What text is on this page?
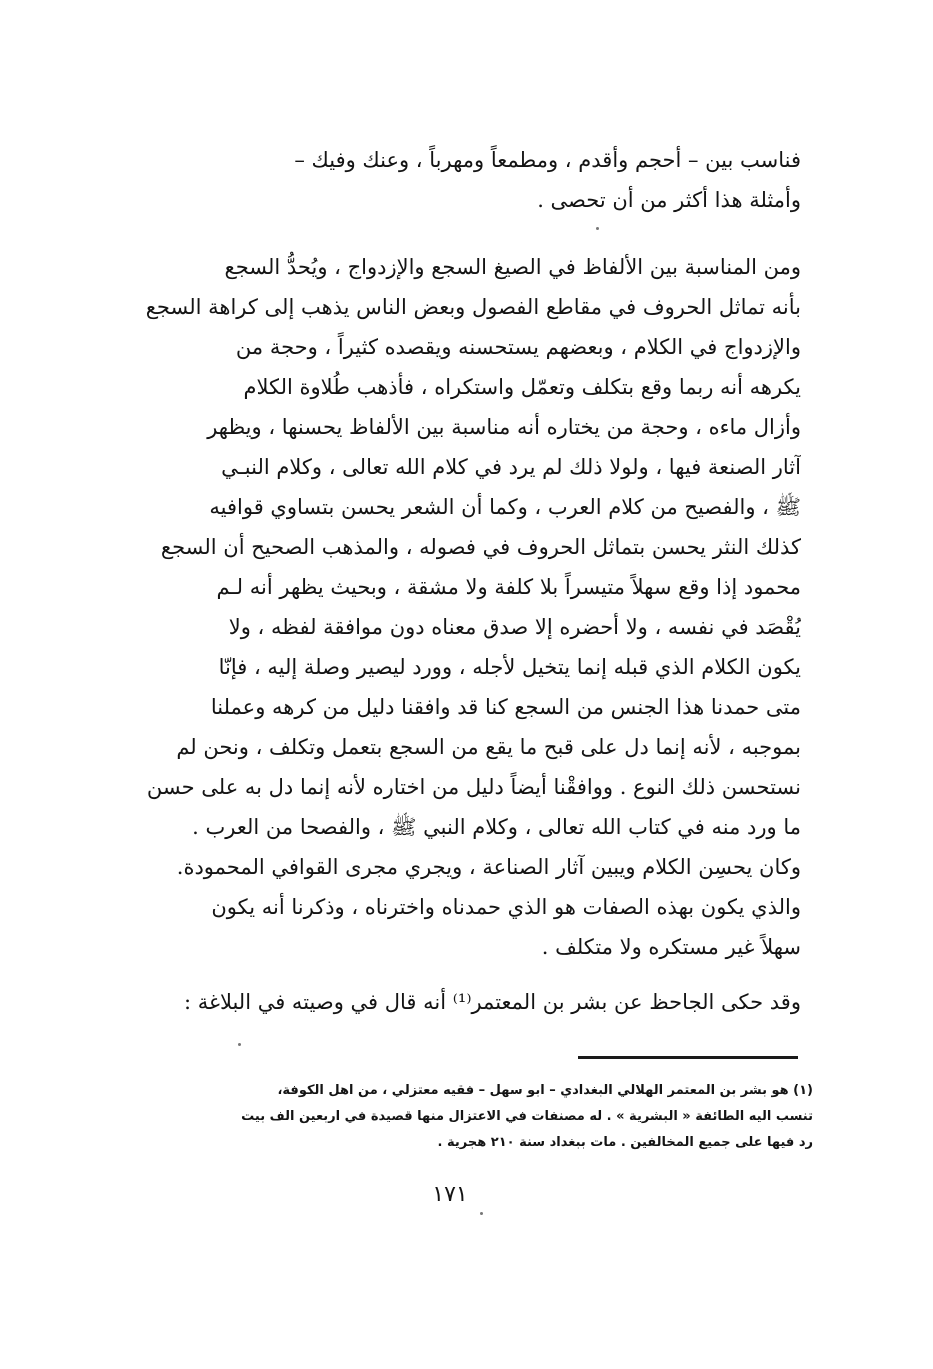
فناسب بين – أحجم وأقدم ، ومطمعاً ومهرباً ، وعنك وفيك –
وأمثلة هذا أكثر من أن تحصى .
ومن المناسبة بين الألفاظ في الصيغ السجع والإزدواج ، ويُحدُّ السجع
بأنه تماثل الحروف في مقاطع الفصول وبعض الناس يذهب إلى كراهة السجع
والإزدواج في الكلام ، وبعضهم يستحسنه ويقصده كثيراً ، وحجة من
يكرهه أنه ربما وقع بتكلف وتعمّل واستكراه ، فأذهب طُلاوة الكلام
وأزال ماءه ، وحجة من يختاره أنه مناسبة بين الألفاظ يحسنها ، ويظهر
آثار الصنعة فيها ، ولولا ذلك لم يرد في كلام الله تعالى ، وكلام النبـي
ﷺ ، والفصيح من كلام العرب ، وكما أن الشعر يحسن بتساوي قوافيه
كذلك النثر يحسن بتماثل الحروف في فصوله ، والمذهب الصحيح أن السجع
محمود إذا وقع سهلاً متيسراً بلا كلفة ولا مشقة ، وبحيث يظهر أنه لـم
يُقْصَد في نفسه ، ولا أحضره إلا صدق معناه دون موافقة لفظه ، ولا
يكون الكلام الذي قبله إنما يتخيل لأجله ، وورد ليصير وصلة إليه ، فإنّا
متى حمدنا هذا الجنس من السجع كنا قد وافقنا دليل من كرهه وعملنا
بموجبه ، لأنه إنما دل على قبح ما يقع من السجع بتعمل وتكلف ، ونحن لم
نستحسن ذلك النوع . ووافقْنا أيضاً دليل من اختاره لأنه إنما دل به على حسن
ما ورد منه في كتاب الله تعالى ، وكلام النبي ﷺ ، والفصحا من العرب .
وكان يحسِن الكلام ويبين آثار الصناعة ، ويجري مجرى القوافي المحمودة.
والذي يكون بهذه الصفات هو الذي حمدناه واخترناه ، وذكرنا أنه يكون
سهلاً غير مستكره ولا متكلف .
وقد حكى الجاحظ عن بشر بن المعتمر⁽¹⁾ أنه قال في وصيته في البلاغة :
(١) هو بشر بن المعتمر الهلالي البغدادي – ابو سهل – فقيه معتزلي ، من اهل الكوفة،
تنسب اليه الطائفة « البشرية » . له مصنفات في الاعتزال منها قصيدة في اربعين الف بيت
رد فيها على جميع المخالفين . مات ببغداد سنة ٢١٠ هجرية .
١٧١
